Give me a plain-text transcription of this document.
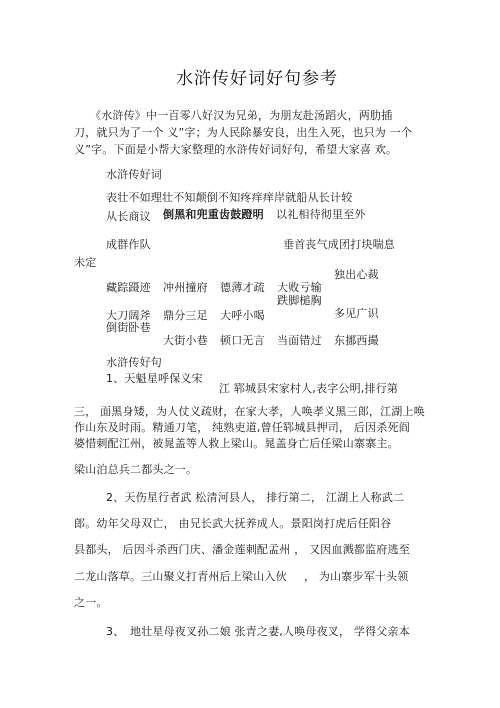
水浒传好词好句参考
《水浒传》中一百零八好汉为兄弟，为朋友赴汤蹈火，两肋插
刀，就只为了一个 义”字；为人民除暴安良，出生入死，也只为 一个
义”字。下面是小帮大家整理的水浒传好词好句，希望大家喜 欢。
水浒传好词
表壮不如理壮不知颠倒不知疼痒痒岸就船从长计较
从长商议 倒黑和兜重齿鼓蹬明 以礼相待彻里至外
成群作队	垂首丧气成团打块喘息
未定
藏踪蹑迹 冲州撞府 德薄才疏 大败亏输
独出心裁
跌脚槌胸
大刀阔斧 鼎分三足 大呼小喝	多见广识
倒街卧巷
大街小巷 顿口无言 当面错过 东挪西撮
水浒传好句
1、天魁星呼保义宋
江 郓城县宋家村人,表字公明,排行第
三， 面黑身矮，为人仗义疏财，在家大孝，人唤孝义黑三郎，江湖上唤
作山东及时雨。精通刀笔， 纯熟吏道,曾任郓城县押司， 后因杀死阎
婆惜刺配江州，被晁盖等人救上梁山。晁盖身亡后任梁山寨寨主。
梁山泊总兵二都头之一。
2、天伤星行者武 松清河县人， 排行第二， 江湖上人称武二
郎。幼年父母双亡， 由兄长武大抚养成人。景阳岗打虎后任阳谷
县都头， 后因斗杀西门庆、潘金莲刺配孟州 ， 又因血溅都监府逃至
二龙山落草。三山聚义打青州后上梁山入伙 ， 为山寨步军十头领
之一。
3、 地壮星母夜叉孙二娘 张青之妻,人唤母夜叉， 学得父亲本
